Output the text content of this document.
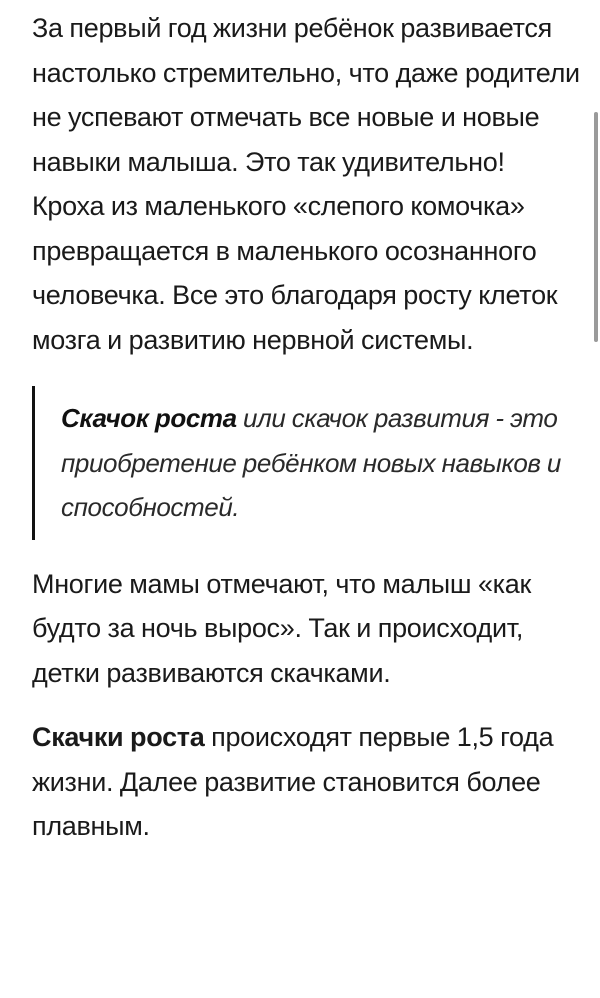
За первый год жизни ребёнок развивается настолько стремительно, что даже родители не успевают отмечать все новые и новые навыки малыша. Это так удивительно! Кроха из маленького «слепого комочка» превращается в маленького осознанного человечка. Все это благодаря росту клеток мозга и развитию нервной системы.

Скачок роста или скачок развития - это приобретение ребёнком новых навыков и способностей.

Многие мамы отмечают, что малыш «как будто за ночь вырос». Так и происходит, детки развиваются скачками.

Скачки роста происходят первые 1,5 года жизни. Далее развитие становится более плавным.
